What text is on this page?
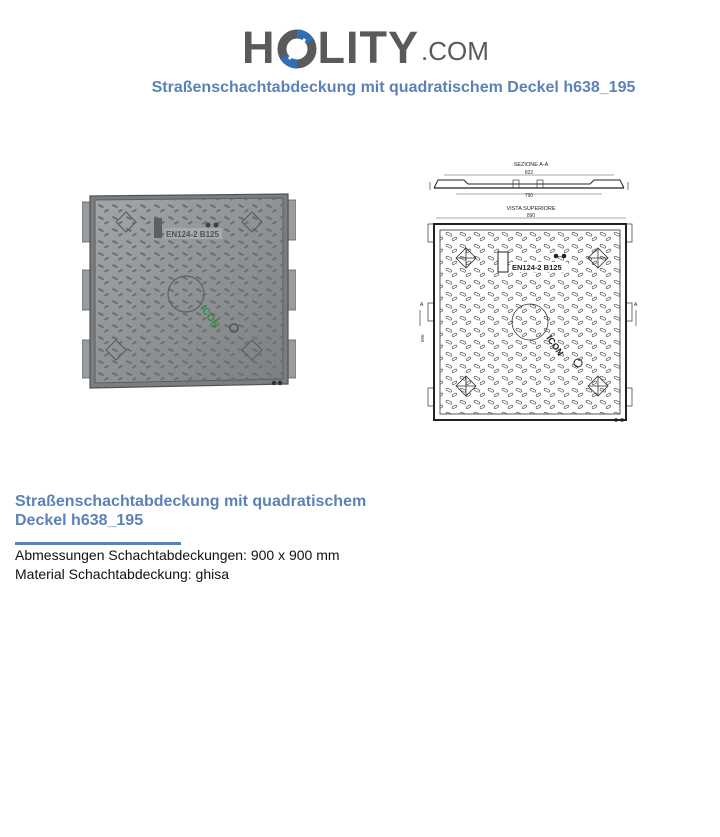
H LITY .COM
Straßenschachtabdeckung mit quadratischem Deckel h638_195
EN124-2 B125
ICON
SEZIONE A-A
822
790
VISTA SUPERIORE
890
EN124-2 B125
ICON
A	A
890
Straßenschachtabdeckung mit quadratischem
Deckel h638_195
Abmessungen Schachtabdeckungen: 900 x 900 mm
Material Schachtabdeckung: ghisa
